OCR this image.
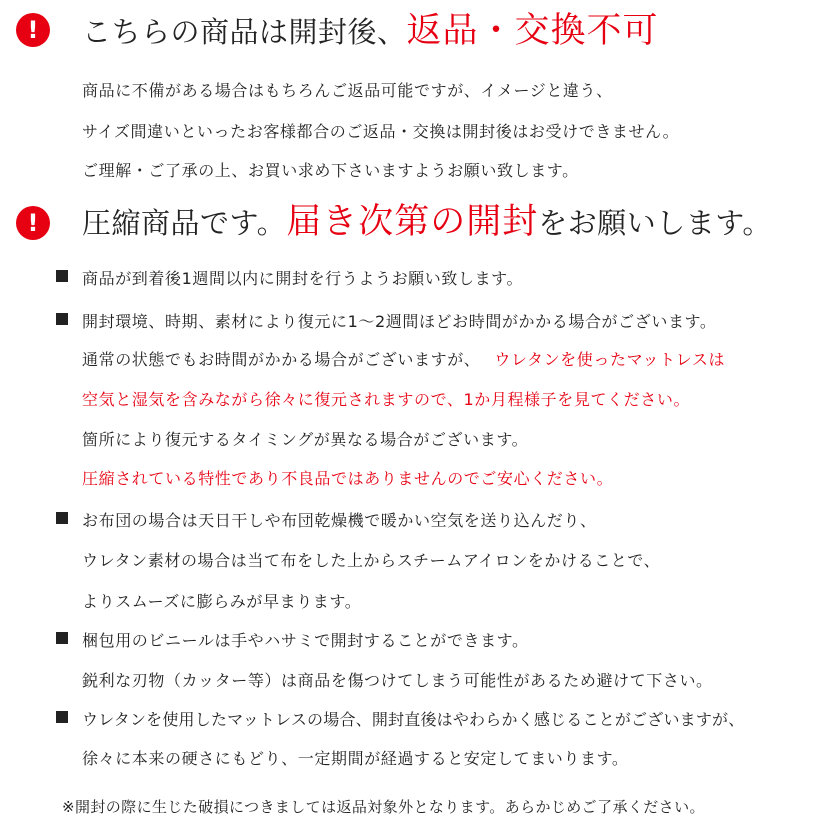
! こちらの商品は開封後、返品・交換不可
商品に不備がある場合はもちろんご返品可能ですが、イメージと違う、
サイズ間違いといったお客様都合のご返品・交換は開封後はお受けできません。
ご理解・ご了承の上、お買い求め下さいますようお願い致します。
! 圧縮商品です。届き次第の開封をお願いします。
商品が到着後1週間以内に開封を行うようお願い致します。
開封環境、時期、素材により復元に1～2週間ほどお時間がかかる場合がございます。
通常の状態でもお時間がかかる場合がございますが、 ウレタンを使ったマットレスは
空気と湿気を含みながら徐々に復元されますので、1か月程様子を見てください。
箇所により復元するタイミングが異なる場合がございます。
圧縮されている特性であり不良品ではありませんのでご安心ください。
お布団の場合は天日干しや布団乾燥機で暖かい空気を送り込んだり、
ウレタン素材の場合は当て布をした上からスチームアイロンをかけることで、
よりスムーズに膨らみが早まります。
梱包用のビニールは手やハサミで開封することができます。
鋭利な刃物（カッター等）は商品を傷つけてしまう可能性があるため避けて下さい。
ウレタンを使用したマットレスの場合、開封直後はやわらかく感じることがございますが、
徐々に本来の硬さにもどり、一定期間が経過すると安定してまいります。
※開封の際に生じた破損につきましては返品対象外となります。あらかじめご了承ください。
